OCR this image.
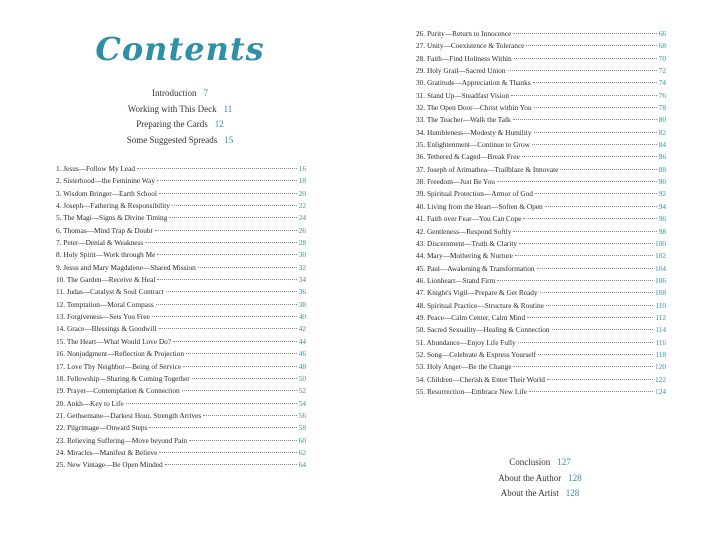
Contents
Introduction 7
Working with This Deck 11
Preparing the Cards 12
Some Suggested Spreads 15
1. Jesus—Follow My Lead	16
2. Sisterhood—the Feminine Way	18
3. Wisdom Bringer—Earth School	20
4. Joseph—Fathering & Responsibility	22
5. The Magi—Signs & Divine Timing	24
6. Thomas—Mind Trap & Doubt	26
7. Peter—Denial & Weakness	28
8. Holy Spirit—Work through Me	30
9. Jesus and Mary Magdalene—Shared Mission	32
10. The Garden—Receive & Heal	34
11. Judas—Catalyst & Soul Contract	36
12. Temptation—Moral Compass	38
13. Forgiveness—Sets You Free	40
14. Grace—Blessings & Goodwill	42
15. The Heart—What Would Love Do?	44
16. Nonjudgment—Reflection & Projection	46
17. Love Thy Neighbor—Being of Service	48
18. Fellowship—Sharing & Coming Together	50
19. Prayer—Contemplation & Connection	52
20. Ankh—Key to Life	54
21. Gethsemane—Darkest Hour, Strength Arrives	56
22. Pilgrimage—Onward Steps	58
23. Relieving Suffering—Move beyond Pain	60
24. Miracles—Manifest & Believe	62
25. New Vintage—Be Open Minded	64
26. Purity—Return to Innocence	66
27. Unity—Coexistence & Tolerance	68
28. Faith—Find Holiness Within	70
29. Holy Grail—Sacred Union	72
30. Gratitude—Appreciation & Thanks	74
31. Stand Up—Steadfast Vision	76
32. The Open Door—Christ within You	78
33. The Teacher—Walk the Talk	80
34. Humbleness—Modesty & Humility	82
35. Enlightenment—Continue to Grow	84
36. Tethered & Caged—Break Free	86
37. Joseph of Arimathea—Trailblaze & Innovate	88
38. Freedom—Just Be You	90
39. Spiritual Protection—Armor of God	92
40. Living from the Heart—Soften & Open	94
41. Faith over Fear—You Can Cope	96
42. Gentleness—Respond Softly	98
43. Discernment—Truth & Clarity	100
44. Mary—Mothering & Nurture	102
45. Paul—Awakening & Transformation	104
46. Lionheart—Stand Firm	106
47. Knight's Vigil—Prepare & Get Ready	108
48. Spiritual Practice—Structure & Routine	110
49. Peace—Calm Center, Calm Mind	112
50. Sacred Sexuality—Healing & Connection	114
51. Abundance—Enjoy Life Fully	116
52. Song—Celebrate & Express Yourself	118
53. Holy Anger—Be the Change	120
54. Children—Cherish & Enter Their World	122
55. Resurrection—Embrace New Life	124
Conclusion 127
About the Author 128
About the Artist 128
